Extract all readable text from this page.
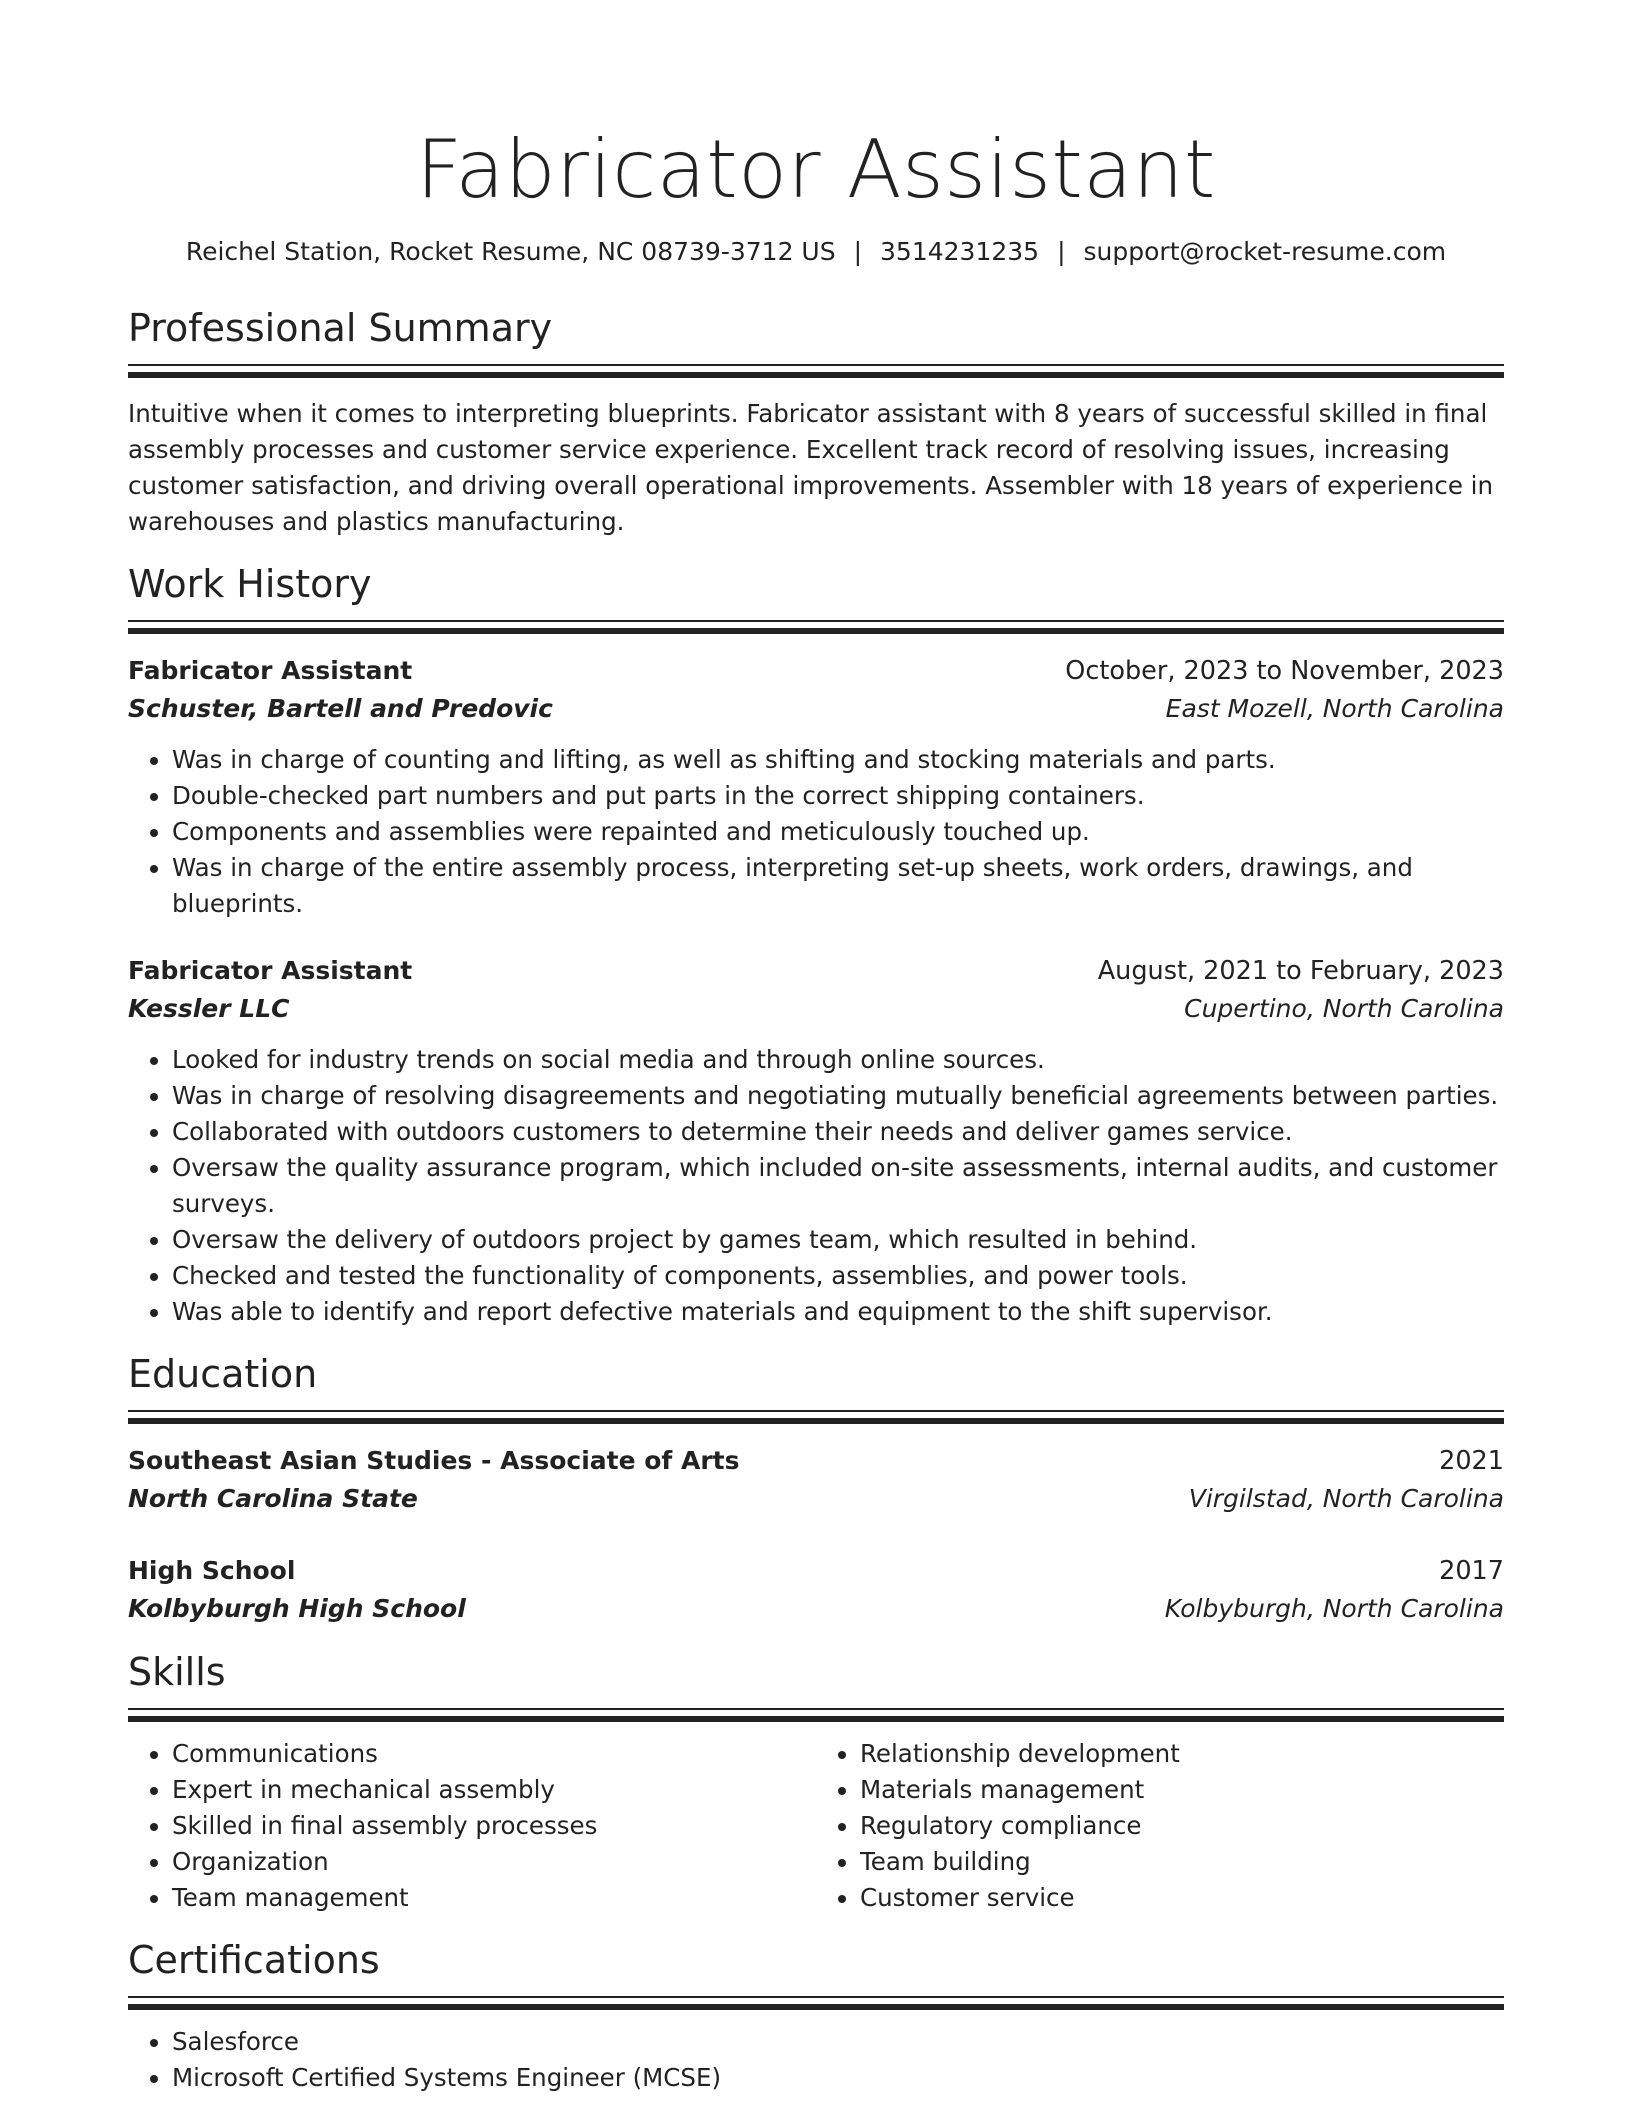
Fabricator Assistant
Reichel Station, Rocket Resume, NC 08739-3712 US | 3514231235 | support@rocket-resume.com
Professional Summary
Intuitive when it comes to interpreting blueprints. Fabricator assistant with 8 years of successful skilled in final assembly processes and customer service experience. Excellent track record of resolving issues, increasing customer satisfaction, and driving overall operational improvements. Assembler with 18 years of experience in warehouses and plastics manufacturing.
Work History
Fabricator Assistant	October, 2023 to November, 2023
Schuster, Bartell and Predovic	East Mozell, North Carolina
• Was in charge of counting and lifting, as well as shifting and stocking materials and parts.
• Double-checked part numbers and put parts in the correct shipping containers.
• Components and assemblies were repainted and meticulously touched up.
• Was in charge of the entire assembly process, interpreting set-up sheets, work orders, drawings, and blueprints.
Fabricator Assistant	August, 2021 to February, 2023
Kessler LLC	Cupertino, North Carolina
• Looked for industry trends on social media and through online sources.
• Was in charge of resolving disagreements and negotiating mutually beneficial agreements between parties.
• Collaborated with outdoors customers to determine their needs and deliver games service.
• Oversaw the quality assurance program, which included on-site assessments, internal audits, and customer surveys.
• Oversaw the delivery of outdoors project by games team, which resulted in behind.
• Checked and tested the functionality of components, assemblies, and power tools.
• Was able to identify and report defective materials and equipment to the shift supervisor.
Education
Southeast Asian Studies - Associate of Arts	2021
North Carolina State	Virgilstad, North Carolina
High School	2017
Kolbyburgh High School	Kolbyburgh, North Carolina
Skills
• Communications
• Expert in mechanical assembly
• Skilled in final assembly processes
• Organization
• Team management
• Relationship development
• Materials management
• Regulatory compliance
• Team building
• Customer service
Certifications
• Salesforce
• Microsoft Certified Systems Engineer (MCSE)
